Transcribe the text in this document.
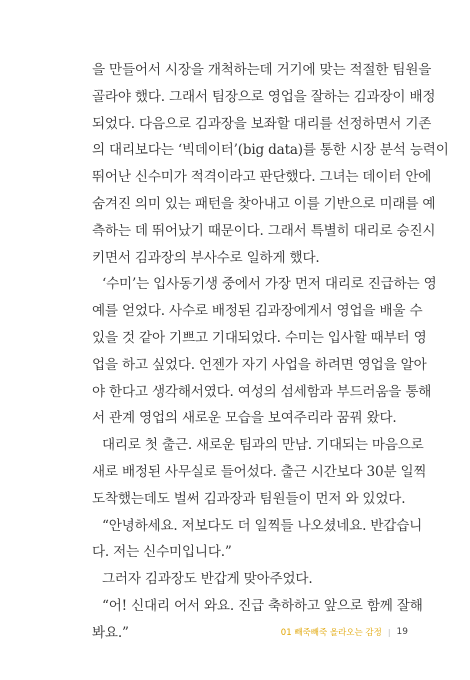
을 만들어서 시장을 개척하는데 거기에 맞는 적절한 팀원을
골라야 했다. 그래서 팀장으로 영업을 잘하는 김과장이 배정
되었다. 다음으로 김과장을 보좌할 대리를 선정하면서 기존
의 대리보다는 ‘빅데이터’(big data)를 통한 시장 분석 능력이
뛰어난 신수미가 적격이라고 판단했다. 그녀는 데이터 안에
숨겨진 의미 있는 패턴을 찾아내고 이를 기반으로 미래를 예
측하는 데 뛰어났기 때문이다. 그래서 특별히 대리로 승진시
키면서 김과장의 부사수로 일하게 했다.
‘수미’는 입사동기생 중에서 가장 먼저 대리로 진급하는 영
예를 얻었다. 사수로 배정된 김과장에게서 영업을 배울 수
있을 것 같아 기쁘고 기대되었다. 수미는 입사할 때부터 영
업을 하고 싶었다. 언젠가 자기 사업을 하려면 영업을 알아
야 한다고 생각해서였다. 여성의 섬세함과 부드러움을 통해
서 관계 영업의 새로운 모습을 보여주리라 꿈꿔 왔다.
대리로 첫 출근. 새로운 팀과의 만남. 기대되는 마음으로
새로 배정된 사무실로 들어섰다. 출근 시간보다 30분 일찍
도착했는데도 벌써 김과장과 팀원들이 먼저 와 있었다.
“안녕하세요. 저보다도 더 일찍들 나오셨네요. 반갑습니
다. 저는 신수미입니다.”
그러자 김과장도 반갑게 맞아주었다.
“어! 신대리 어서 와요. 진급 축하하고 앞으로 함께 잘해
봐요.”	01 빼죽빼죽 올라오는 감정 | 19
